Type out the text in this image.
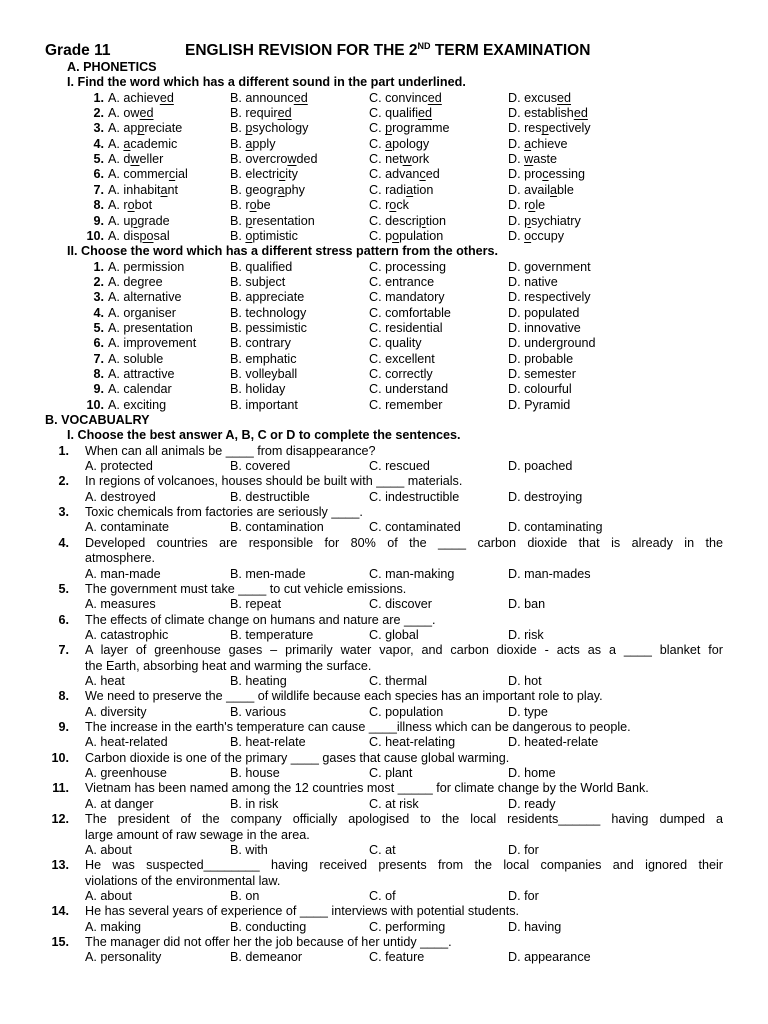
Grade 11	ENGLISH REVISION FOR THE 2ND TERM EXAMINATION
A. PHONETICS
I. Find the word which has a different sound in the part underlined.
1. A. achieved	B. announced	C. convinced	D. excused
2. A. owed	B. required	C. qualified	D. established
3. A. appreciate	B. psychology	C. programme	D. respectively
4. A. academic	B. apply	C. apology	D. achieve
5. A. dweller	B. overcrowded	C. network	D. waste
6. A. commercial	B. electricity	C. advanced	D. processing
7. A. inhabitant	B. geography	C. radiation	D. available
8. A. robot	B. robe	C. rock	D. role
9. A. upgrade	B. presentation	C. description	D. psychiatry
10. A. disposal	B. optimistic	C. population	D. occupy
II. Choose the word which has a different stress pattern from the others.
1. A. permission	B. qualified	C. processing	D. government
2. A. degree	B. subject	C. entrance	D. native
3. A. alternative	B. appreciate	C. mandatory	D. respectively
4. A. organiser	B. technology	C. comfortable	D. populated
5. A. presentation	B. pessimistic	C. residential	D. innovative
6. A. improvement	B. contrary	C. quality	D. underground
7. A. soluble	B. emphatic	C. excellent	D. probable
8. A. attractive	B. volleyball	C. correctly	D. semester
9. A. calendar	B. holiday	C. understand	D. colourful
10. A. exciting	B. important	C. remember	D. Pyramid
B. VOCABUALRY
I. Choose the best answer A, B, C or D to complete the sentences.
1. When can all animals be ____ from disappearance?
A. protected	B. covered	C. rescued	D. poached
2. In regions of volcanoes, houses should be built with ____ materials.
A. destroyed	B. destructible	C. indestructible	D. destroying
3. Toxic chemicals from factories are seriously ____.
A. contaminate	B. contamination	C. contaminated	D. contaminating
4. Developed countries are responsible for 80% of the ____ carbon dioxide that is already in the
atmosphere.
A. man-made	B. men-made	C. man-making	D. man-mades
5. The government must take ____ to cut vehicle emissions.
A. measures	B. repeat	C. discover	D. ban
6. The effects of climate change on humans and nature are ____.
A. catastrophic	B. temperature	C. global	D. risk
7. A layer of greenhouse gases – primarily water vapor, and carbon dioxide - acts as a ____ blanket for
the Earth, absorbing heat and warming the surface.
A. heat	B. heating	C. thermal	D. hot
8. We need to preserve the ____ of wildlife because each species has an important role to play.
A. diversity	B. various	C. population	D. type
9. The increase in the earth's temperature can cause ____illness which can be dangerous to people.
A. heat-related	B. heat-relate	C. heat-relating	D. heated-relate
10. Carbon dioxide is one of the primary ____ gases that cause global warming.
A. greenhouse	B. house	C. plant	D. home
11. Vietnam has been named among the 12 countries most _____ for climate change by the World Bank.
A. at danger	B. in risk	C. at risk	D. ready
12. The president of the company officially apologised to the local residents______ having dumped a
large amount of raw sewage in the area.
A. about	B. with	C. at	D. for
13. He was suspected________ having received presents from the local companies and ignored their
violations of the environmental law.
A. about	B. on	C. of	D. for
14. He has several years of experience of ____ interviews with potential students.
A. making	B. conducting	C. performing	D. having
15. The manager did not offer her the job because of her untidy ____.
A. personality	B. demeanor	C. feature	D. appearance
